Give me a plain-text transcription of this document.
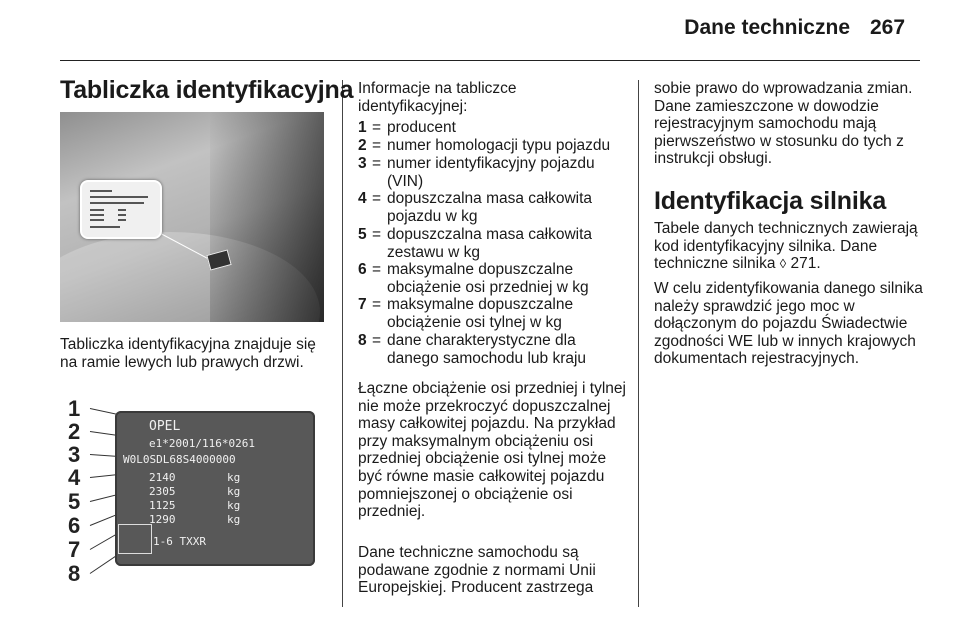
Dane techniczne 267
Tabliczka identyfikacyjna

Tabliczka identyfikacyjna znajduje się na ramie lewych lub prawych drzwi.

1
2
3
4
5
6
7
8
OPEL
e1*2001/116*0261
W0L0SDL68S4000000
2140	kg
2305	kg
1125	kg
1290	kg
1-6 TXXR

Informacje na tabliczce identyfikacyjnej:

1 = producent
2 = numer homologacji typu pojazdu
3 = numer identyfikacyjny pojazdu (VIN)
4 = dopuszczalna masa całkowita pojazdu w kg
5 = dopuszczalna masa całkowita zestawu w kg
6 = maksymalne dopuszczalne obciążenie osi przedniej w kg
7 = maksymalne dopuszczalne obciążenie osi tylnej w kg
8 = dane charakterystyczne dla danego samochodu lub kraju

Łączne obciążenie osi przedniej i tylnej nie może przekroczyć dopuszczalnej masy całkowitej pojazdu. Na przykład przy maksymalnym obciążeniu osi przedniej obciążenie osi tylnej może być równe masie całkowitej pojazdu pomniejszonej o obciążenie osi przedniej.

Dane techniczne samochodu są podawane zgodnie z normami Unii Europejskiej. Producent zastrzega

sobie prawo do wprowadzania zmian. Dane zamieszczone w dowodzie rejestracyjnym samochodu mają pierwszeństwo w stosunku do tych z instrukcji obsługi.

Identyfikacja silnika

Tabele danych technicznych zawierają kod identyfikacyjny silnika. Dane techniczne silnika ◊ 271.

W celu zidentyfikowania danego silnika należy sprawdzić jego moc w dołączonym do pojazdu Świadectwie zgodności WE lub w innych krajowych dokumentach rejestracyjnych.
